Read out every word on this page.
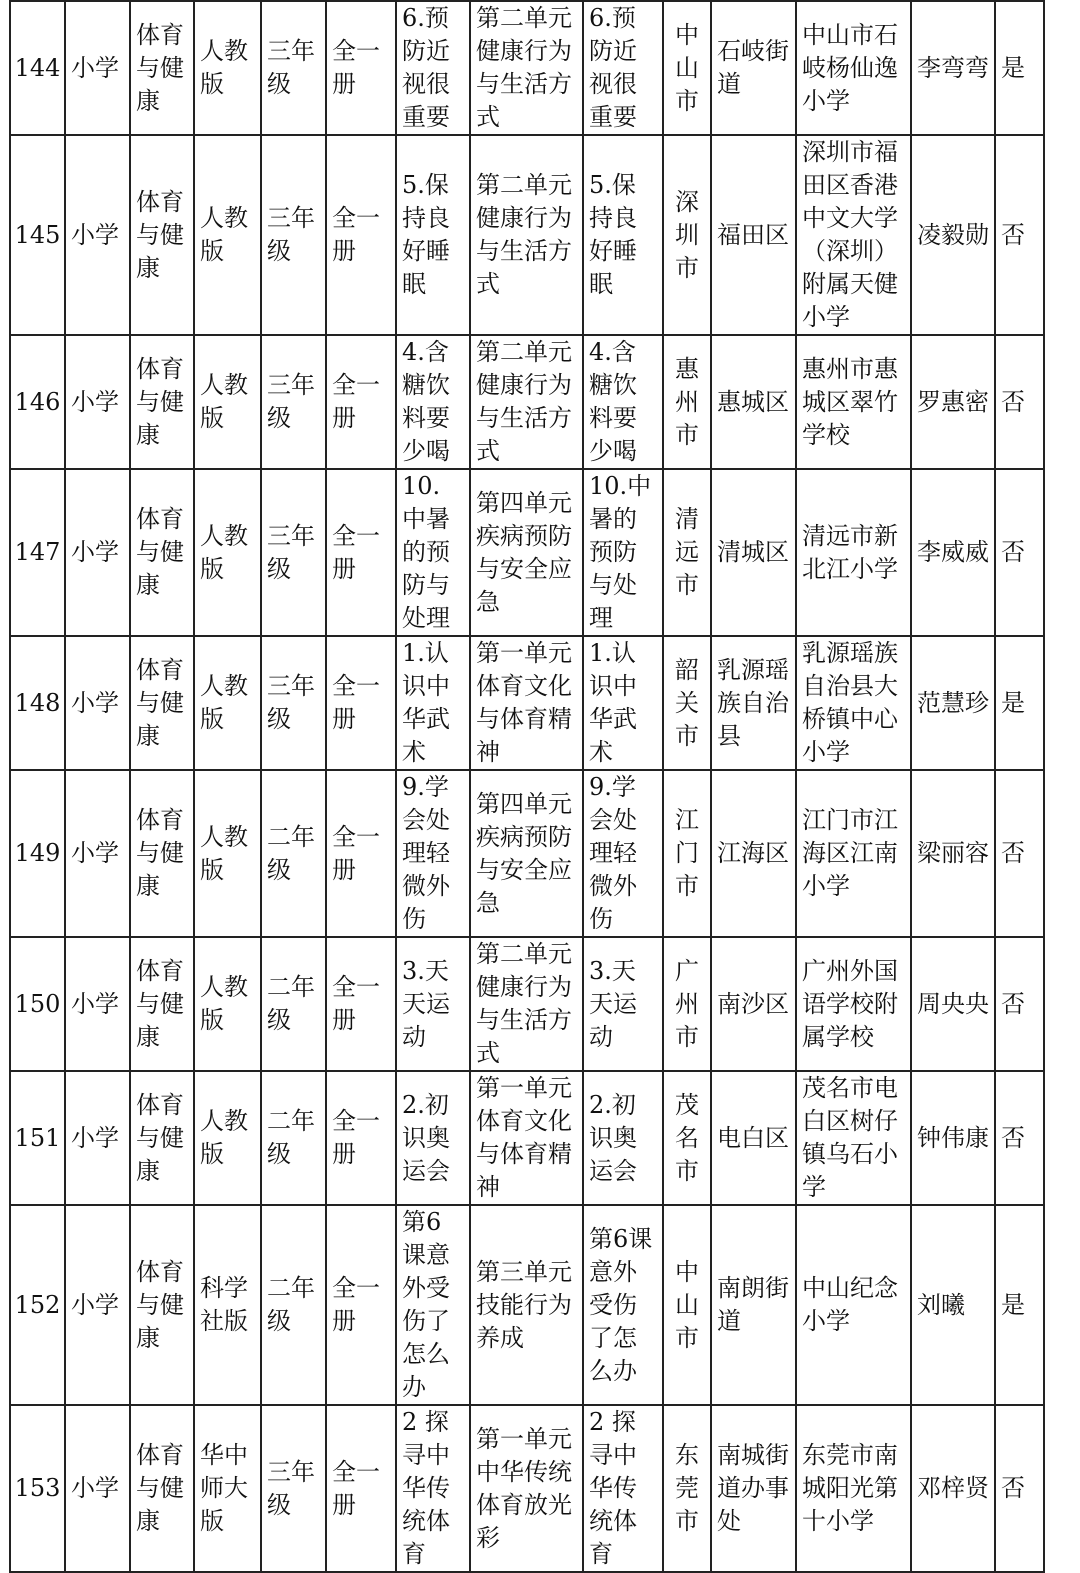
144	小学	体育与健康	人教版	三年级	全一册	6.预防近视很重要	第二单元健康行为与生活方式	6.预防近视很重要	中山市	石岐街道	中山市石岐杨仙逸小学	李弯弯	是
145	小学	体育与健康	人教版	三年级	全一册	5.保持良好睡眠	第二单元健康行为与生活方式	5.保持良好睡眠	深圳市	福田区	深圳市福田区香港中文大学（深圳）附属天健小学	凌毅勋	否
146	小学	体育与健康	人教版	三年级	全一册	4.含糖饮料要少喝	第二单元健康行为与生活方式	4.含糖饮料要少喝	惠州市	惠城区	惠州市惠城区翠竹学校	罗惠密	否
147	小学	体育与健康	人教版	三年级	全一册	10.中暑的预防与处理	第四单元疾病预防与安全应急	10.中暑的预防与处理	清远市	清城区	清远市新北江小学	李威威	否
148	小学	体育与健康	人教版	三年级	全一册	1.认识中华武术	第一单元体育文化与体育精神	1.认识中华武术	韶关市	乳源瑶族自治县	乳源瑶族自治县大桥镇中心小学	范慧珍	是
149	小学	体育与健康	人教版	二年级	全一册	9.学会处理轻微外伤	第四单元疾病预防与安全应急	9.学会处理轻微外伤	江门市	江海区	江门市江海区江南小学	梁丽容	否
150	小学	体育与健康	人教版	二年级	全一册	3.天天运动	第二单元健康行为与生活方式	3.天天运动	广州市	南沙区	广州外国语学校附属学校	周央央	否
151	小学	体育与健康	人教版	二年级	全一册	2.初识奥运会	第一单元体育文化与体育精神	2.初识奥运会	茂名市	电白区	茂名市电白区树仔镇乌石小学	钟伟康	否
152	小学	体育与健康	科学社版	二年级	全一册	第6课意外受伤了怎么办	第三单元技能行为养成	第6课意外受伤了怎么办	中山市	南朗街道	中山纪念小学	刘曦	是
153	小学	体育与健康	华中师大版	三年级	全一册	2 探寻中华传统体育	第一单元中华传统体育放光彩	2 探寻中华传统体育	东莞市	南城街道办事处	东莞市南城阳光第十小学	邓梓贤	否
